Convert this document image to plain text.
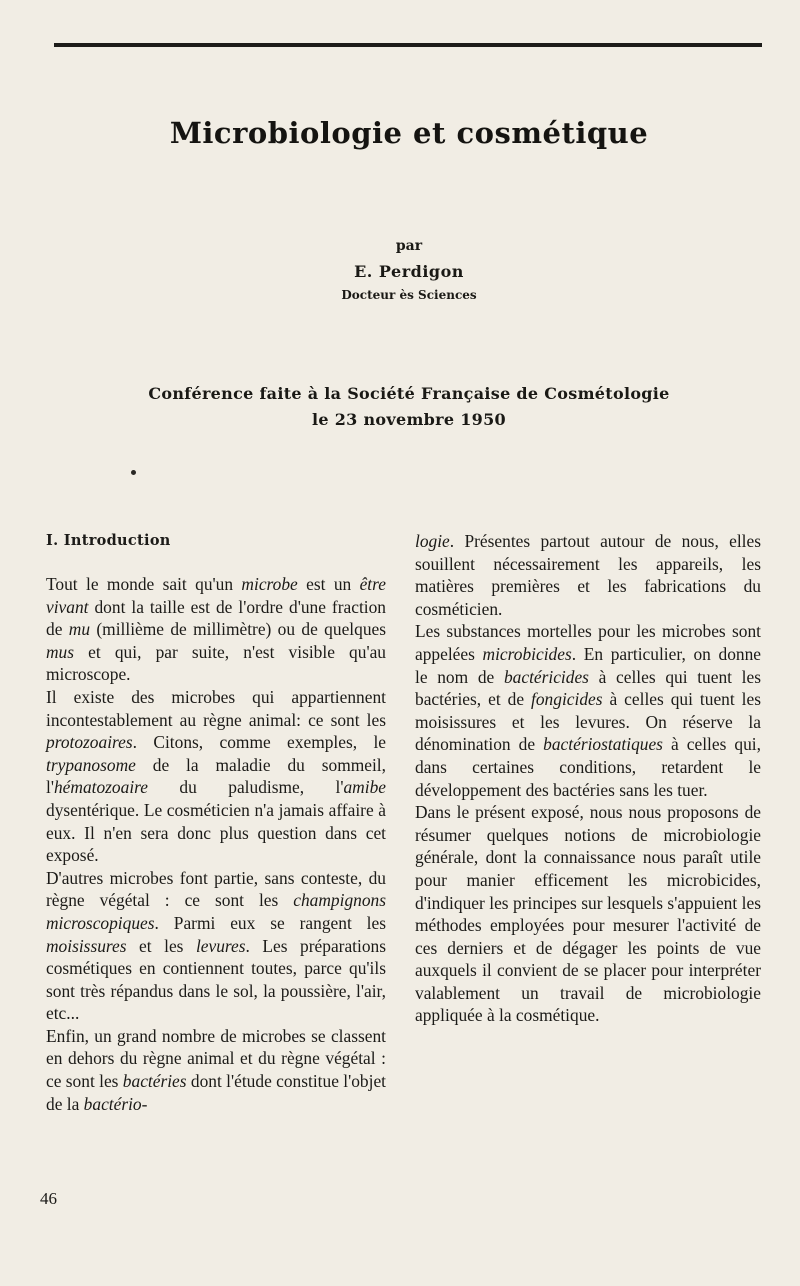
Microbiologie et cosmétique
par
E. Perdigon
Docteur ès Sciences
Conférence faite à la Société Française de Cosmétologie
le 23 novembre 1950
I. Introduction

Tout le monde sait qu'un microbe est un être vivant dont la taille est de l'ordre d'une fraction de mu (millième de millimètre) ou de quelques mus et qui, par suite, n'est visible qu'au microscope.

Il existe des microbes qui appartiennent incontestablement au règne animal: ce sont les protozoaires. Citons, comme exemples, le trypanosome de la maladie du sommeil, l'hématozoaire du paludisme, l'amibe dysentérique. Le cosméticien n'a jamais affaire à eux. Il n'en sera donc plus question dans cet exposé.

D'autres microbes font partie, sans conteste, du règne végétal : ce sont les champignons microscopiques. Parmi eux se rangent les moisissures et les levures. Les préparations cosmétiques en contiennent toutes, parce qu'ils sont très répandus dans le sol, la poussière, l'air, etc...

Enfin, un grand nombre de microbes se classent en dehors du règne animal et du règne végétal : ce sont les bactéries dont l'étude constitue l'objet de la bactério-

logie. Présentes partout autour de nous, elles souillent nécessairement les appareils, les matières premières et les fabrications du cosméticien.

Les substances mortelles pour les microbes sont appelées microbicides. En particulier, on donne le nom de bactéricides à celles qui tuent les bactéries, et de fongicides à celles qui tuent les moisissures et les levures. On réserve la dénomination de bactériostatiques à celles qui, dans certaines conditions, retardent le développement des bactéries sans les tuer.

Dans le présent exposé, nous nous proposons de résumer quelques notions de microbiologie générale, dont la connaissance nous paraît utile pour manier efficement les microbicides, d'indiquer les principes sur lesquels s'appuient les méthodes employées pour mesurer l'activité de ces derniers et de dégager les points de vue auxquels il convient de se placer pour interpréter valablement un travail de microbiologie appliquée à la cosmétique.

46
